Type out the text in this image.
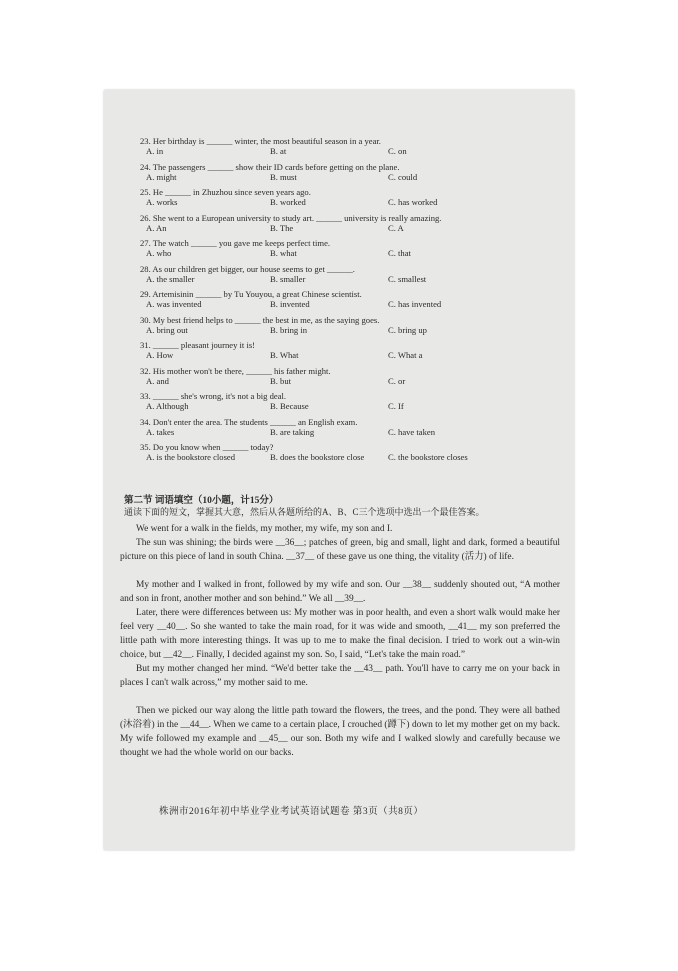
23. Her birthday is ______ winter, the most beautiful season in a year.
A. in	B. at	C. on
24. The passengers ______ show their ID cards before getting on the plane.
A. might	B. must	C. could
25. He ______ in Zhuzhou since seven years ago.
A. works	B. worked	C. has worked
26. She went to a European university to study art. ______ university is really amazing.
A. An	B. The	C. A
27. The watch ______ you gave me keeps perfect time.
A. who	B. what	C. that
28. As our children get bigger, our house seems to get ______.
A. the smaller	B. smaller	C. smallest
29. Artemisinin ______ by Tu Youyou, a great Chinese scientist.
A. was invented	B. invented	C. has invented
30. My best friend helps to ______ the best in me, as the saying goes.
A. bring out	B. bring in	C. bring up
31. ______ pleasant journey it is!
A. How	B. What	C. What a
32. His mother won't be there, ______ his father might.
A. and	B. but	C. or
33. ______ she's wrong, it's not a big deal.
A. Although	B. Because	C. If
34. Don't enter the area. The students ______ an English exam.
A. takes	B. are taking	C. have taken
35. Do you know when ______ today?
A. is the bookstore closed	B. does the bookstore close	C. the bookstore closes
第二节 词语填空（10小题，计15分）
通读下面的短文，掌握其大意，然后从各题所给的A、B、C三个选项中选出一个最佳答案。
We went for a walk in the fields, my mother, my wife, my son and I.
The sun was shining; the birds were __36__; patches of green, big and small, light and dark, formed a beautiful picture on this piece of land in south China. __37__ of these gave us one thing, the vitality (活力) of life.
My mother and I walked in front, followed by my wife and son. Our __38__ suddenly shouted out, “A mother and son in front, another mother and son behind.” We all __39__.
Later, there were differences between us: My mother was in poor health, and even a short walk would make her feel very __40__. So she wanted to take the main road, for it was wide and smooth, __41__ my son preferred the little path with more interesting things. It was up to me to make the final decision. I tried to work out a win-win choice, but __42__. Finally, I decided against my son. So, I said, “Let's take the main road.”
But my mother changed her mind. “We'd better take the __43__ path. You'll have to carry me on your back in places I can't walk across,” my mother said to me.
Then we picked our way along the little path toward the flowers, the trees, and the pond. They were all bathed (沐浴着) in the __44__. When we came to a certain place, I crouched (蹲下) down to let my mother get on my back. My wife followed my example and __45__ our son. Both my wife and I walked slowly and carefully because we thought we had the whole world on our backs.
株洲市2016年初中毕业学业考试英语试题卷 第3页（共8页）
